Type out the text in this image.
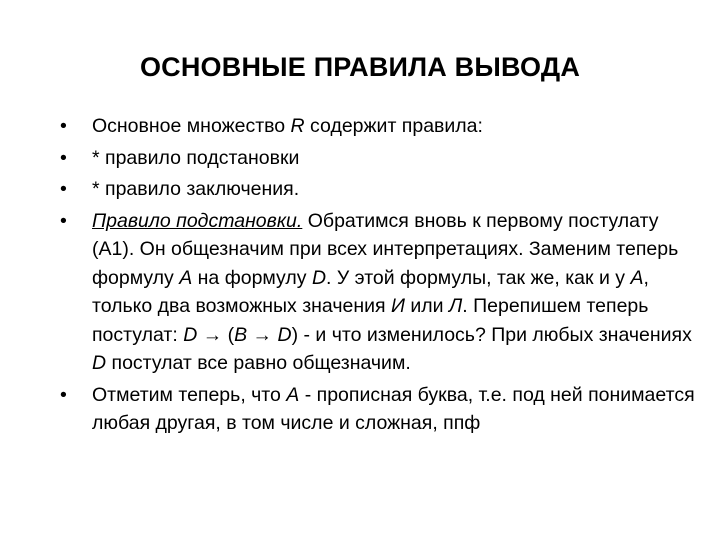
ОСНОВНЫЕ ПРАВИЛА ВЫВОДА
•	Основное множество R содержит правила:
•	* правило подстановки
•	* правило заключения.
•	Правило подстановки. Обратимся вновь к первому постулату (А1). Он общезначим при всех интерпретациях. Заменим теперь формулу А на формулу D. У этой формулы, так же, как и у А, только два возможных значения И или Л. Перепишем теперь постулат: D → (B → D) - и что изменилось? При любых значениях D постулат все равно общезначим.
•	Отметим теперь, что А - прописная буква, т.е. под ней понимается любая другая, в том числе и сложная, ппф
